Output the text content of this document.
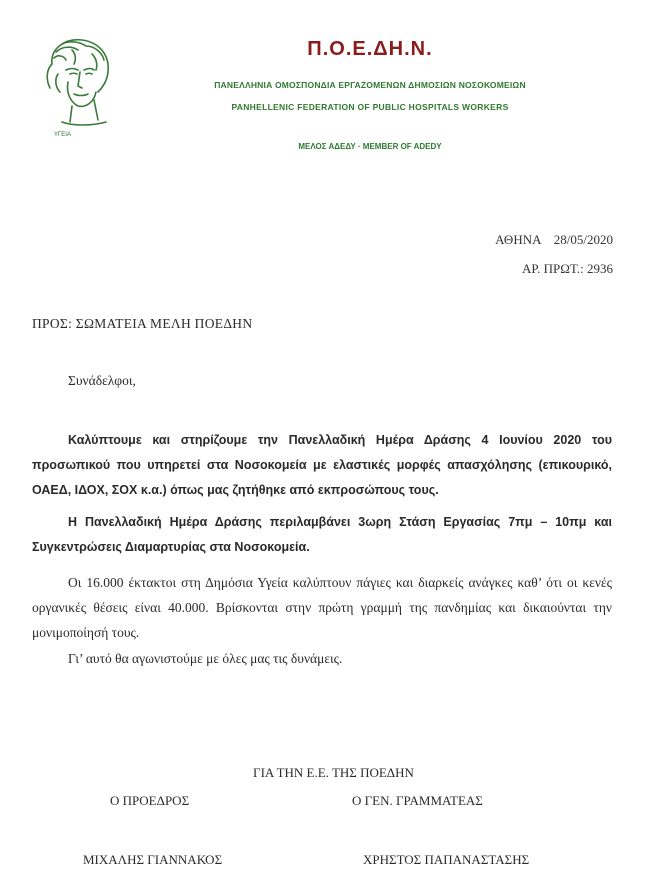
ΥΓΕΙΑ
Π.Ο.Ε.ΔΗ.Ν.
ΠΑΝΕΛΛΗΝΙΑ ΟΜΟΣΠΟΝΔΙΑ ΕΡΓΑΖΟΜΕΝΩΝ ΔΗΜΟΣΙΩΝ ΝΟΣΟΚΟΜΕΙΩΝ
PANHELLENIC FEDERATION OF PUBLIC HOSPITALS WORKERS
ΜΕΛΟΣ ΑΔΕΔΥ · MEMBER OF ADEDY
ΑΘΗΝΑ    28/05/2020
ΑΡ. ΠΡΩΤ.: 2936
ΠΡΟΣ: ΣΩΜΑΤΕΙΑ ΜΕΛΗ ΠΟΕΔΗΝ
Συνάδελφοι,
Καλύπτουμε και στηρίζουμε την Πανελλαδική Ημέρα Δράσης 4 Ιουνίου 2020 του προσωπικού που υπηρετεί στα Νοσοκομεία με ελαστικές μορφές απασχόλησης (επικουρικό, ΟΑΕΔ, ΙΔΟΧ, ΣΟΧ κ.α.) όπως μας ζητήθηκε από εκπροσώπους τους.
Η Πανελλαδική Ημέρα Δράσης περιλαμβάνει 3ωρη Στάση Εργασίας 7πμ – 10πμ και Συγκεντρώσεις Διαμαρτυρίας στα Νοσοκομεία.
Οι 16.000 έκτακτοι στη Δημόσια Υγεία καλύπτουν πάγιες και διαρκείς ανάγκες καθ’ ότι οι κενές οργανικές θέσεις είναι 40.000. Βρίσκονται στην πρώτη γραμμή της πανδημίας και δικαιούνται την μονιμοποίησή τους.
Γι’ αυτό θα αγωνιστούμε με όλες μας τις δυνάμεις.
ΓΙΑ ΤΗΝ Ε.Ε. ΤΗΣ ΠΟΕΔΗΝ
Ο ΠΡΟΕΔΡΟΣ	Ο ΓΕΝ. ΓΡΑΜΜΑΤΕΑΣ
ΜΙΧΑΛΗΣ ΓΙΑΝΝΑΚΟΣ	ΧΡΗΣΤΟΣ ΠΑΠΑΝΑΣΤΑΣΗΣ
